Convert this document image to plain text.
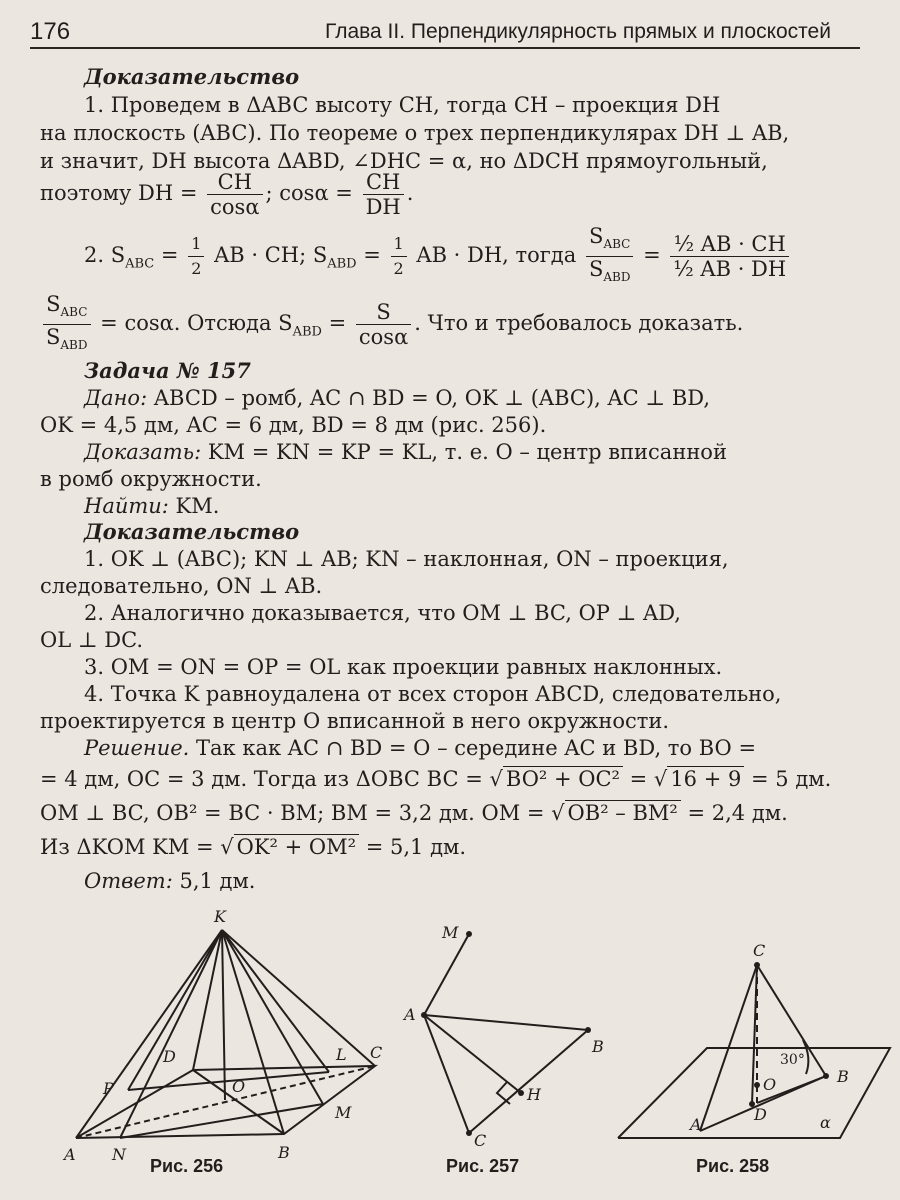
176	Глава II. Перпендикулярность прямых и плоскостей
Доказательство
1. Проведем в ΔABC высоту CH, тогда CH – проекция DH
на плоскость (ABC). По теореме о трех перпендикулярах DH ⊥ AB,
и значит, DH высота ΔABD, ∠DHC = α, но ΔDCH прямоугольный,
поэтому DH = $\frac{CH}{\cos\alpha}$ ; $\cos\alpha = \frac{CH}{DH}$ .
2. $S_{ABC} = \frac{1}{2}$ AB · CH; $S_{ABD} = \frac{1}{2}$ AB · DH, тогда $\frac{S_{ABC}}{S_{ABD}} = \frac{\text{½ AB · CH}}{\text{½ AB · DH}}$
$\frac{S_{ABC}}{S_{ABD}} = \cos\alpha$. Отсюда $S_{ABD} = \frac{S}{\cos\alpha}$ . Что и требовалось доказать.
Задача № 157
Дано: ABCD – ромб, AC ∩ BD = O, OK ⊥ (ABC), AC ⊥ BD,
OK = 4,5 дм, AC = 6 дм, BD = 8 дм (рис. 256).
Доказать: KM = KN = KP = KL, т. е. O – центр вписанной
в ромб окружности.
Найти: KM.
Доказательство
1. OK ⊥ (ABC); KN ⊥ AB; KN – наклонная, ON – проекция,
следовательно, ON ⊥ AB.
2. Аналогично доказывается, что OM ⊥ BC, OP ⊥ AD,
OL ⊥ DC.
3. OM = ON = OP = OL как проекции равных наклонных.
4. Точка K равноудалена от всех сторон ABCD, следовательно,
проектируется в центр O вписанной в него окружности.
Решение. Так как AC ∩ BD = O – середине AC и BD, то BO =
= 4 дм, OC = 3 дм. Тогда из ΔOBC BC = √ BO² + OC² = √ 16 + 9 = 5 дм.
OM ⊥ BC, OB² = BC · BM; BM = 3,2 дм. OM = √ OB² – BM² = 2,4 дм.
Из ΔKOM KM = √ OK² + OM² = 5,1 дм.
Ответ: 5,1 дм.
K
D	L C
P	O
M
A N	B
M
A
B
H
C
C
30°
O	B
D
A	α
Рис. 256	Рис. 257	Рис. 258
